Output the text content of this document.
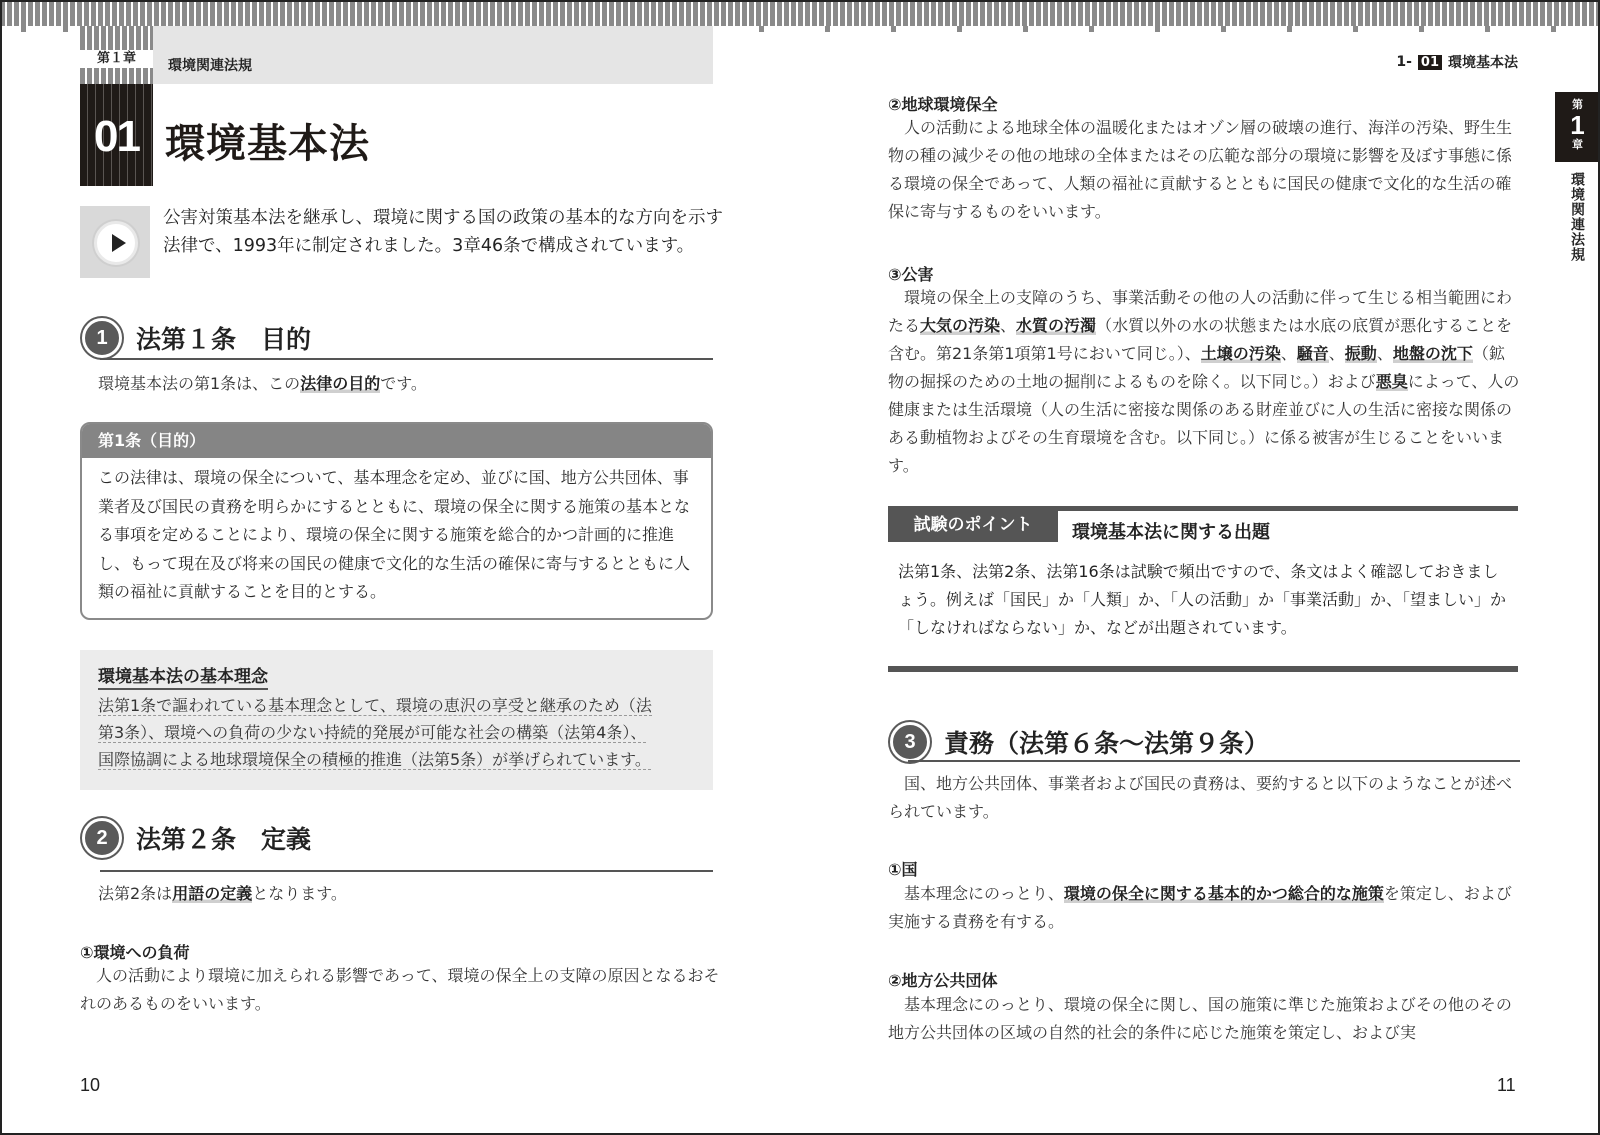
第１章	環境関連法規
01 環境基本法
公害対策基本法を継承し、環境に関する国の政策の基本的な方向を示す法律で、1993年に制定されました。3章46条で構成されています。
1	法第１条　目的
環境基本法の第1条は、この法律の目的です。
第1条（目的）
この法律は、環境の保全について、基本理念を定め、並びに国、地方公共団体、事業者及び国民の責務を明らかにするとともに、環境の保全に関する施策の基本となる事項を定めることにより、環境の保全に関する施策を総合的かつ計画的に推進し、もって現在及び将来の国民の健康で文化的な生活の確保に寄与するとともに人類の福祉に貢献することを目的とする。
環境基本法の基本理念
法第1条で謳われている基本理念として、環境の恵沢の享受と継承のため（法
第3条）、環境への負荷の少ない持続的発展が可能な社会の構築（法第4条）、
国際協調による地球環境保全の積極的推進（法第5条）が挙げられています。
2	法第２条　定義
法第2条は用語の定義となります。
①環境への負荷
　人の活動により環境に加えられる影響であって、環境の保全上の支障の原因となるおそれのあるものをいいます。
10
1- 01 環境基本法
第
1
章
環境関連法規
②地球環境保全
　人の活動による地球全体の温暖化またはオゾン層の破壊の進行、海洋の汚染、野生生物の種の減少その他の地球の全体またはその広範な部分の環境に影響を及ぼす事態に係る環境の保全であって、人類の福祉に貢献するとともに国民の健康で文化的な生活の確保に寄与するものをいいます。
③公害
　環境の保全上の支障のうち、事業活動その他の人の活動に伴って生じる相当範囲にわたる大気の汚染、水質の汚濁（水質以外の水の状態または水底の底質が悪化することを含む。第21条第1項第1号において同じ。）、土壌の汚染、騒音、振動、地盤の沈下（鉱物の掘採のための土地の掘削によるものを除く。以下同じ。）および悪臭によって、人の健康または生活環境（人の生活に密接な関係のある財産並びに人の生活に密接な関係のある動植物およびその生育環境を含む。以下同じ。）に係る被害が生じることをいいます。
試験のポイント	環境基本法に関する出題
法第1条、法第2条、法第16条は試験で頻出ですので、条文はよく確認しておきましょう。例えば「国民」か「人類」か、「人の活動」か「事業活動」か、「望ましい」か「しなければならない」か、などが出題されています。
3	責務（法第６条～法第９条）
　国、地方公共団体、事業者および国民の責務は、要約すると以下のようなことが述べられています。
①国
　基本理念にのっとり、環境の保全に関する基本的かつ総合的な施策を策定し、および実施する責務を有する。
②地方公共団体
　基本理念にのっとり、環境の保全に関し、国の施策に準じた施策およびその他のその地方公共団体の区域の自然的社会的条件に応じた施策を策定し、および実
11
